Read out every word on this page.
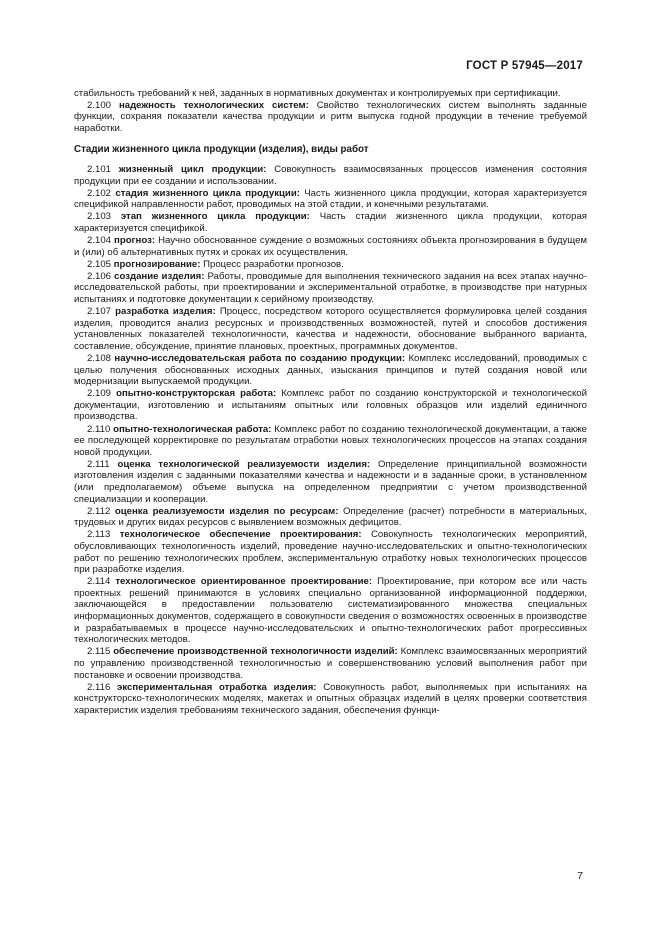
ГОСТ Р 57945—2017

стабильность требований к ней, заданных в нормативных документах и контролируемых при сертификации.

2.100 надежность технологических систем: Свойство технологических систем выполнять заданные функции, сохраняя показатели качества продукции и ритм выпуска годной продукции в течение требуемой наработки.

Стадии жизненного цикла продукции (изделия), виды работ

2.101 жизненный цикл продукции: Совокупность взаимосвязанных процессов изменения состояния продукции при ее создании и использовании.

2.102 стадия жизненного цикла продукции: Часть жизненного цикла продукции, которая характеризуется спецификой направленности работ, проводимых на этой стадии, и конечными результатами.

2.103 этап жизненного цикла продукции: Часть стадии жизненного цикла продукции, которая характеризуется спецификой.

2.104 прогноз: Научно обоснованное суждение о возможных состояниях объекта прогнозирования в будущем и (или) об альтернативных путях и сроках их осуществления.

2.105 прогнозирование: Процесс разработки прогнозов.

2.106 создание изделия: Работы, проводимые для выполнения технического задания на всех этапах научно-исследовательской работы, при проектировании и экспериментальной отработке, в производстве при натурных испытаниях и подготовке документации к серийному производству.

2.107 разработка изделия: Процесс, посредством которого осуществляется формулировка целей создания изделия, проводится анализ ресурсных и производственных возможностей, путей и способов достижения установленных показателей технологичности, качества и надежности, обоснование выбранного варианта, составление, обсуждение, принятие плановых, проектных, программных документов.

2.108 научно-исследовательская работа по созданию продукции: Комплекс исследований, проводимых с целью получения обоснованных исходных данных, изыскания принципов и путей создания новой или модернизации выпускаемой продукции.

2.109 опытно-конструкторская работа: Комплекс работ по созданию конструкторской и технологической документации, изготовлению и испытаниям опытных или головных образцов или изделий единичного производства.

2.110 опытно-технологическая работа: Комплекс работ по созданию технологической документации, а также ее последующей корректировке по результатам отработки новых технологических процессов на этапах создания новой продукции.

2.111 оценка технологической реализуемости изделия: Определение принципиальной возможности изготовления изделия с заданными показателями качества и надежности и в заданные сроки, в установленном (или предполагаемом) объеме выпуска на определенном предприятии с учетом производственной специализации и кооперации.

2.112 оценка реализуемости изделия по ресурсам: Определение (расчет) потребности в материальных, трудовых и других видах ресурсов с выявлением возможных дефицитов.

2.113 технологическое обеспечение проектирования: Совокупность технологических мероприятий, обусловливающих технологичность изделий, проведение научно-исследовательских и опытно-технологических работ по решению технологических проблем, экспериментальную отработку новых технологических процессов при разработке изделия.

2.114 технологическое ориентированное проектирование: Проектирование, при котором все или часть проектных решений принимаются в условиях специально организованной информационной поддержки, заключающейся в предоставлении пользователю систематизированного множества специальных информационных документов, содержащего в совокупности сведения о возможностях освоенных в производстве и разрабатываемых в процессе научно-исследовательских и опытно-технологических работ прогрессивных технологических методов.

2.115 обеспечение производственной технологичности изделий: Комплекс взаимосвязанных мероприятий по управлению производственной технологичностью и совершенствованию условий выполнения работ при постановке и освоении производства.

2.116 экспериментальная отработка изделия: Совокупность работ, выполняемых при испытаниях на конструкторско-технологических моделях, макетах и опытных образцах изделий в целях проверки соответствия характеристик изделия требованиям технического задания, обеспечения функци-

7
